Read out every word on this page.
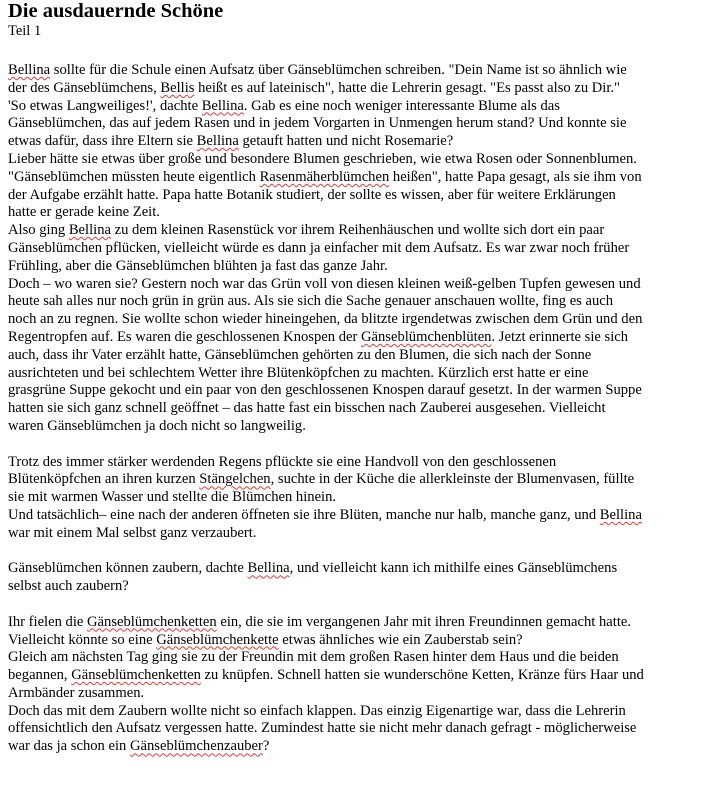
Die ausdauernde Schöne
Teil 1
Bellina sollte für die Schule einen Aufsatz über Gänseblümchen schreiben. "Dein Name ist so ähnlich wie
der des Gänseblümchens, Bellis heißt es auf lateinisch", hatte die Lehrerin gesagt. "Es passt also zu Dir."
'So etwas Langweiliges!', dachte Bellina. Gab es eine noch weniger interessante Blume als das
Gänseblümchen, das auf jedem Rasen und in jedem Vorgarten in Unmengen herum stand? Und konnte sie
etwas dafür, dass ihre Eltern sie Bellina getauft hatten und nicht Rosemarie?
Lieber hätte sie etwas über große und besondere Blumen geschrieben, wie etwa Rosen oder Sonnenblumen.
"Gänseblümchen müssten heute eigentlich Rasenmäherblümchen heißen", hatte Papa gesagt, als sie ihm von
der Aufgabe erzählt hatte. Papa hatte Botanik studiert, der sollte es wissen, aber für weitere Erklärungen
hatte er gerade keine Zeit.
Also ging Bellina zu dem kleinen Rasenstück vor ihrem Reihenhäuschen und wollte sich dort ein paar
Gänseblümchen pflücken, vielleicht würde es dann ja einfacher mit dem Aufsatz. Es war zwar noch früher
Frühling, aber die Gänseblümchen blühten ja fast das ganze Jahr.
Doch – wo waren sie? Gestern noch war das Grün voll von diesen kleinen weiß-gelben Tupfen gewesen und
heute sah alles nur noch grün in grün aus. Als sie sich die Sache genauer anschauen wollte, fing es auch
noch an zu regnen. Sie wollte schon wieder hineingehen, da blitzte irgendetwas zwischen dem Grün und den
Regentropfen auf. Es waren die geschlossenen Knospen der Gänseblümchenblüten. Jetzt erinnerte sie sich
auch, dass ihr Vater erzählt hatte, Gänseblümchen gehörten zu den Blumen, die sich nach der Sonne
ausrichteten und bei schlechtem Wetter ihre Blütenköpfchen zu machten. Kürzlich erst hatte er eine
grasgrüne Suppe gekocht und ein paar von den geschlossenen Knospen darauf gesetzt. In der warmen Suppe
hatten sie sich ganz schnell geöffnet – das hatte fast ein bisschen nach Zauberei ausgesehen. Vielleicht
waren Gänseblümchen ja doch nicht so langweilig.
Trotz des immer stärker werdenden Regens pflückte sie eine Handvoll von den geschlossenen
Blütenköpfchen an ihren kurzen Stängelchen, suchte in der Küche die allerkleinste der Blumenvasen, füllte
sie mit warmen Wasser und stellte die Blümchen hinein.
Und tatsächlich– eine nach der anderen öffneten sie ihre Blüten, manche nur halb, manche ganz, und Bellina
war mit einem Mal selbst ganz verzaubert.
Gänseblümchen können zaubern, dachte Bellina, und vielleicht kann ich mithilfe eines Gänseblümchens
selbst auch zaubern?
Ihr fielen die Gänseblümchenketten ein, die sie im vergangenen Jahr mit ihren Freundinnen gemacht hatte.
Vielleicht könnte so eine Gänseblümchenkette etwas ähnliches wie ein Zauberstab sein?
Gleich am nächsten Tag ging sie zu der Freundin mit dem großen Rasen hinter dem Haus und die beiden
begannen, Gänseblümchenketten zu knüpfen. Schnell hatten sie wunderschöne Ketten, Kränze fürs Haar und
Armbänder zusammen.
Doch das mit dem Zaubern wollte nicht so einfach klappen. Das einzig Eigenartige war, dass die Lehrerin
offensichtlich den Aufsatz vergessen hatte. Zumindest hatte sie nicht mehr danach gefragt - möglicherweise
war das ja schon ein Gänseblümchenzauber?
